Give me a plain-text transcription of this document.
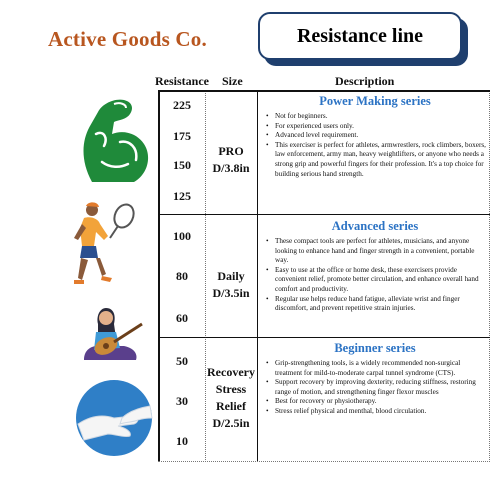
Active Goods Co.	Resistance line
Resistance Size	Description
225
175
150
125
PRO
D/3.8in
Power Making series
• Not for beginners.
• For experienced users only.
• Advanced level requirement.
• This exerciser is perfect for athletes, armwrestlers, rock climbers, boxers, law enforcement, army man, heavy weightlifters, or anyone who needs a strong grip and powerful fingers for their profession. It's a top choice for building serious hand strength.
100
80
60
Daily
D/3.5in
Advanced series
• These compact tools are perfect for athletes, musicians, and anyone looking to enhance hand and finger strength in a convenient, portable way.
• Easy to use at the office or home desk, these exercisers provide convenient relief, promote better circulation, and enhance overall hand comfort and productivity.
• Regular use helps reduce hand fatigue, alleviate wrist and finger discomfort, and prevent repetitive strain injuries.
50
30
10
Recovery
Stress
Relief
D/2.5in
Beginner series
• Grip-strengthening tools, is a widely recommended non-surgical treatment for mild-to-moderate carpal tunnel syndrome (CTS).
• Support recovery by improving dexterity, reducing stiffness, restoring range of motion, and strengthening finger flexor muscles
• Best for recovery or physiotherapy.
• Stress relief physical and menthal, blood circulation.
